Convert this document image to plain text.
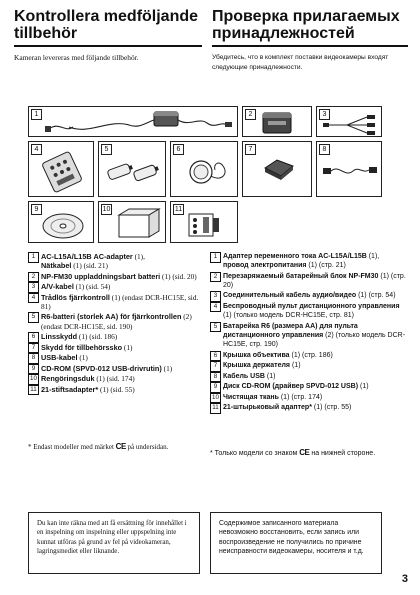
Kontrollera medföljande tillbehör
Проверка прилагаемых принадлежностей
Kameran levereras med följande tillbehör.	Убедитесь, что в комплект поставки видеокамеры входят следующие принадлежности.
1	2	3
4	5	6	7	8
9	10	11
1 AC-L15A/L15B AC-adapter (1),
Nätkabel (1) (sid. 21)
2 NP-FM30 uppladdningsbart batteri (1) (sid. 20)
3 A/V-kabel (1) (sid. 54)
4 Trådlös fjärrkontroll (1) (endast DCR-HC15E, sid. 81)
5 R6-batteri (storlek AA) för fjärrkontrollen (2) (endast DCR-HC15E, sid. 190)
6 Linsskydd (1) (sid. 186)
7 Skydd för tillbehörssko (1)
8 USB-kabel (1)
9 CD-ROM (SPVD-012 USB-drivrutin) (1)
10 Rengöringsduk (1) (sid. 174)
11 21-stiftsadapter* (1) (sid. 55)
* Endast modeller med märket CE på undersidan.
1 Адаптер переменного тока AC-L15A/L15B (1), провод электропитания (1) (стр. 21)
2 Перезаряжаемый батарейный блок NP-FM30 (1) (стр. 20)
3 Соединительный кабель аудио/видео (1) (стр. 54)
4 Беспроводный пульт дистанционного управления (1) (только модель DCR-HC15E, стр. 81)
5 Батарейка R6 (размера AA) для пульта дистанционного управления (2) (только модель DCR-HC15E, стр. 190)
6 Крышка объектива (1) (стр. 186)
7 Крышка держателя (1)
8 Кабель USB (1)
9 Диск CD-ROM (драйвер SPVD-012 USB) (1)
10 Чистящая ткань (1) (стр. 174)
11 21-штырьковый адаптер* (1) (стр. 55)
* Только модели со знаком CE на нижней стороне.
Du kan inte räkna med att få ersättning för innehållet i en inspelning om inspelning eller uppspelning inte kunnat utföras på grund av fel på videokameran, lagringsmediet eller liknande.
Содержимое записанного материала невозможно восстановить, если запись или воспроизведение не получились по причине неисправности видеокамеры, носителя и т.д.
3
